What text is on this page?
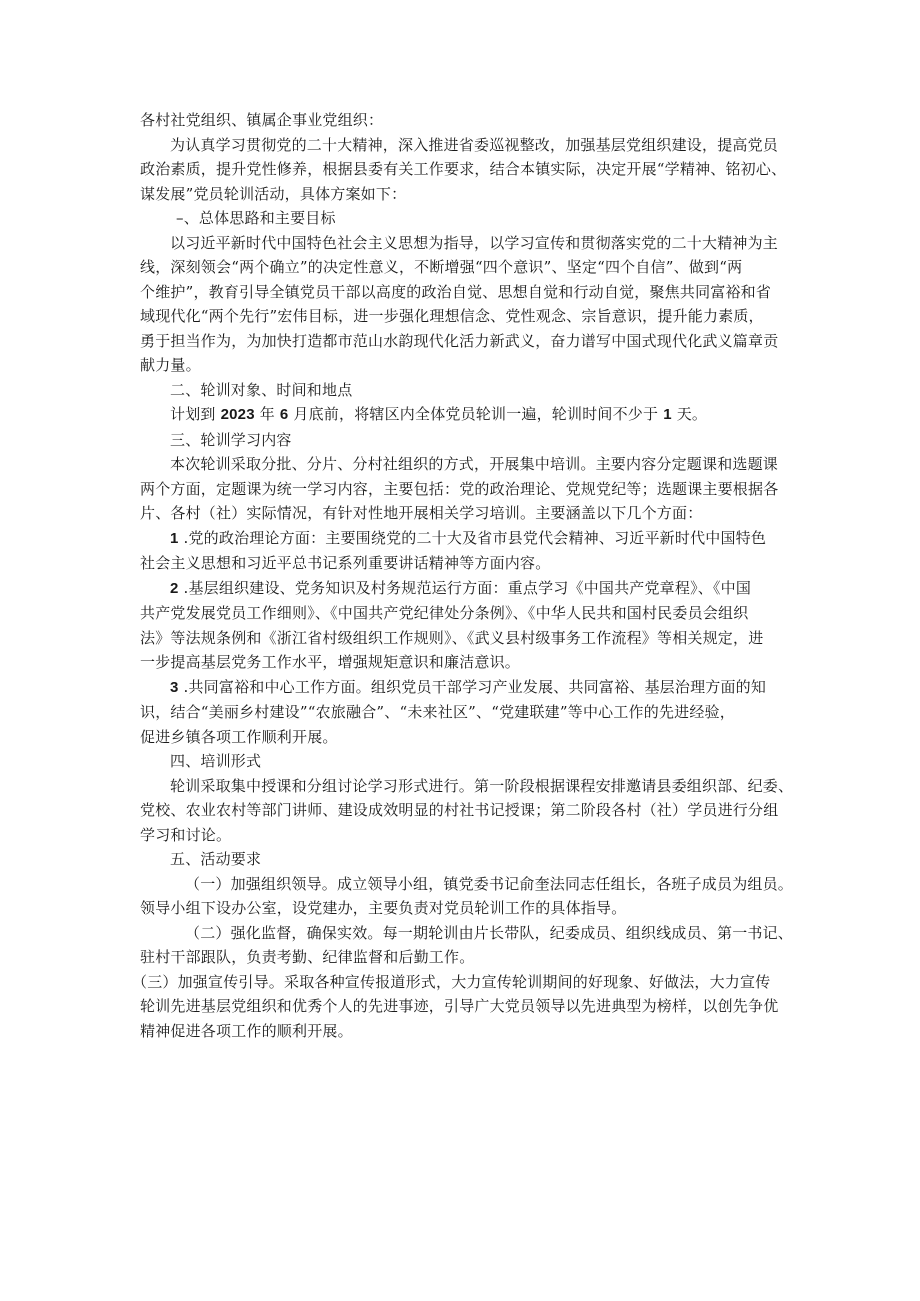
各村社党组织、镇属企事业党组织：
为认真学习贯彻党的二十大精神，深入推进省委巡视整改，加强基层党组织建设，提高党员
政治素质，提升党性修养，根据县委有关工作要求，结合本镇实际，决定开展“学精神、铭初心、
谋发展”党员轮训活动，具体方案如下：
–、总体思路和主要目标
以习近平新时代中国特色社会主义思想为指导，以学习宣传和贯彻落实党的二十大精神为主
线，深刻领会“两个确立”的决定性意义，不断增强“四个意识”、坚定“四个自信”、做到“两
个维护”，教育引导全镇党员干部以高度的政治自觉、思想自觉和行动自觉，聚焦共同富裕和省
域现代化“两个先行”宏伟目标，进一步强化理想信念、党性观念、宗旨意识，提升能力素质，
勇于担当作为，为加快打造都市范山水韵现代化活力新武义，奋力谱写中国式现代化武义篇章贡
献力量。
二、轮训对象、时间和地点
计划到 2023 年 6 月底前，将辖区内全体党员轮训一遍，轮训时间不少于 1 天。
三、轮训学习内容
本次轮训采取分批、分片、分村社组织的方式，开展集中培训。主要内容分定题课和选题课
两个方面，定题课为统一学习内容，主要包括：党的政治理论、党规党纪等；选题课主要根据各
片、各村（社）实际情况，有针对性地开展相关学习培训。主要涵盖以下几个方面：
1 .党的政治理论方面：主要围绕党的二十大及省市县党代会精神、习近平新时代中国特色
社会主义思想和习近平总书记系列重要讲话精神等方面内容。
2 .基层组织建设、党务知识及村务规范运行方面：重点学习《中国共产党章程》、《中国
共产党发展党员工作细则》、《中国共产党纪律处分条例》、《中华人民共和国村民委员会组织
法》等法规条例和《浙江省村级组织工作规则》、《武义县村级事务工作流程》等相关规定，进
一步提高基层党务工作水平，增强规矩意识和廉洁意识。
3 .共同富裕和中心工作方面。组织党员干部学习产业发展、共同富裕、基层治理方面的知
识，结合“美丽乡村建设”“农旅融合”、“未来社区”、“党建联建”等中心工作的先进经验，
促进乡镇各项工作顺利开展。
四、培训形式
轮训采取集中授课和分组讨论学习形式进行。第一阶段根据课程安排邀请县委组织部、纪委、
党校、农业农村等部门讲师、建设成效明显的村社书记授课；第二阶段各村（社）学员进行分组
学习和讨论。
五、活动要求
（一）加强组织领导。成立领导小组，镇党委书记俞奎法同志任组长，各班子成员为组员。
领导小组下设办公室，设党建办，主要负责对党员轮训工作的具体指导。
（二）强化监督，确保实效。每一期轮训由片长带队，纪委成员、组织线成员、第一书记、
驻村干部跟队，负责考勤、纪律监督和后勤工作。
（三）加强宣传引导。采取各种宣传报道形式，大力宣传轮训期间的好现象、好做法，大力宣传
轮训先进基层党组织和优秀个人的先进事迹，引导广大党员领导以先进典型为榜样，以创先争优
精神促进各项工作的顺利开展。
